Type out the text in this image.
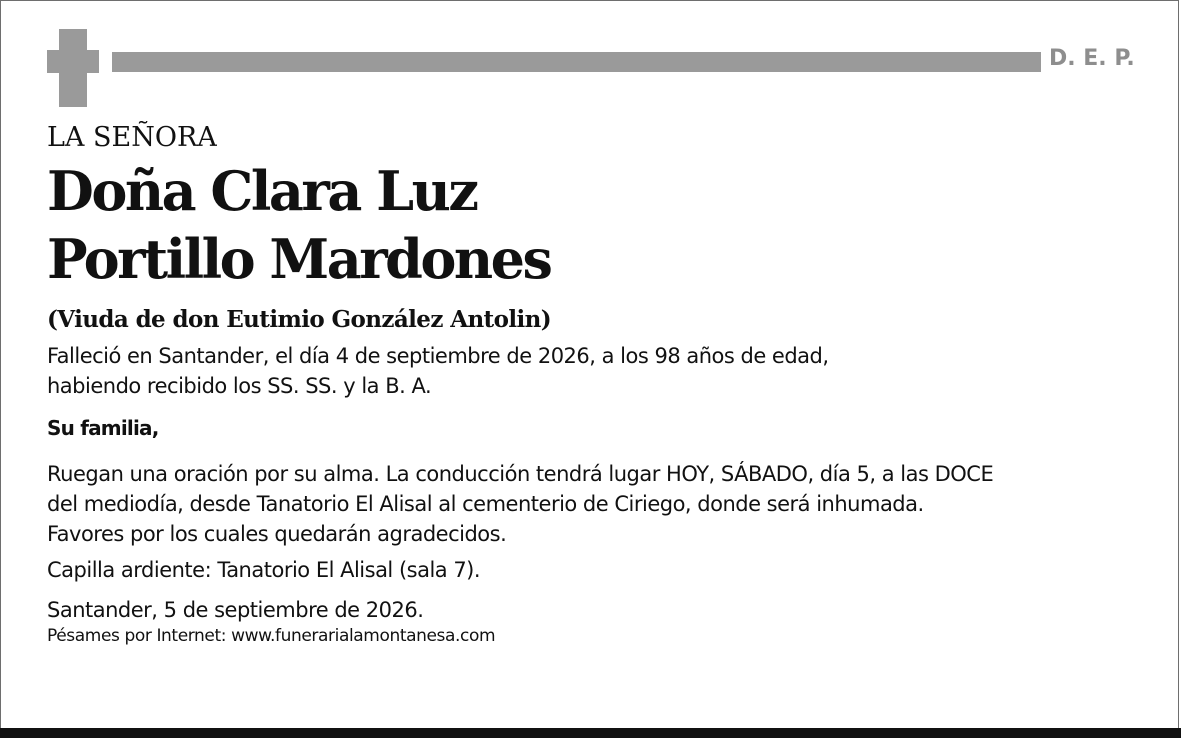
D. E. P.

LA SEÑORA

Doña Clara Luz

Portillo Mardones

(Viuda de don Eutimio González Antolin)

Falleció en Santander, el día 4 de septiembre de 2026, a los 98 años de edad,

habiendo recibido los SS. SS. y la B. A.

Su familia,

Ruegan una oración por su alma. La conducción tendrá lugar HOY, SÁBADO, día 5, a las DOCE

del mediodía, desde Tanatorio El Alisal al cementerio de Ciriego, donde será inhumada.

Favores por los cuales quedarán agradecidos.

Capilla ardiente: Tanatorio El Alisal (sala 7).

Santander, 5 de septiembre de 2026.

Pésames por Internet: www.funerarialamontanesa.com
